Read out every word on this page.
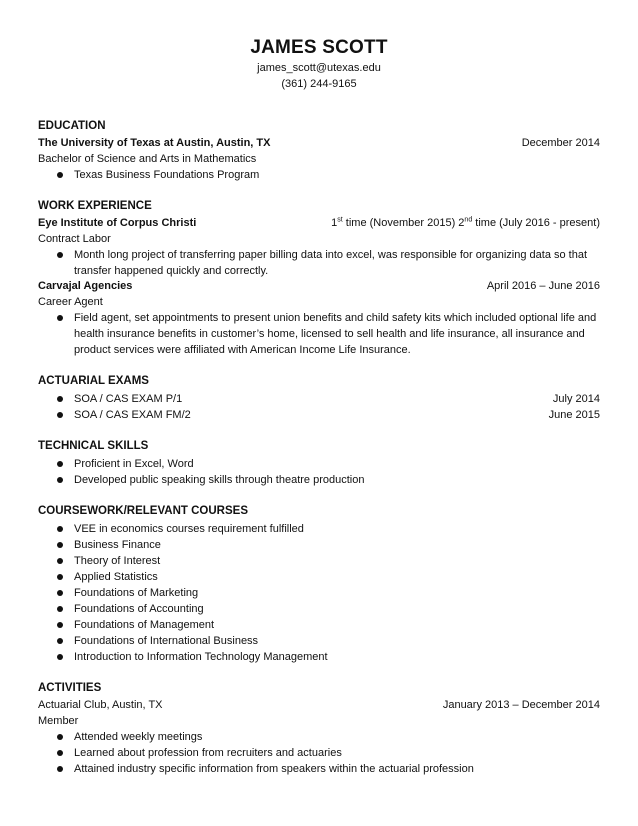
JAMES SCOTT
james_scott@utexas.edu
(361) 244-9165
EDUCATION
The University of Texas at Austin, Austin, TX	December 2014
Bachelor of Science and Arts in Mathematics
Texas Business Foundations Program
WORK EXPERIENCE
Eye Institute of Corpus Christi	1st time (November 2015) 2nd time (July 2016 - present)
Contract Labor
Month long project of transferring paper billing data into excel, was responsible for organizing data so that transfer happened quickly and correctly.
Carvajal Agencies	April 2016 – June 2016
Career Agent
Field agent, set appointments to present union benefits and child safety kits which included optional life and health insurance benefits in customer’s home, licensed to sell health and life insurance, all insurance and product services were affiliated with American Income Life Insurance.
ACTUARIAL EXAMS
SOA / CAS EXAM P/1	July 2014
SOA / CAS EXAM FM/2	June 2015
TECHNICAL SKILLS
Proficient in Excel, Word
Developed public speaking skills through theatre production
COURSEWORK/RELEVANT COURSES
VEE in economics courses requirement fulfilled
Business Finance
Theory of Interest
Applied Statistics
Foundations of Marketing
Foundations of Accounting
Foundations of Management
Foundations of International Business
Introduction to Information Technology Management
ACTIVITIES
Actuarial Club, Austin, TX	January 2013 – December 2014
Member
Attended weekly meetings
Learned about profession from recruiters and actuaries
Attained industry specific information from speakers within the actuarial profession
